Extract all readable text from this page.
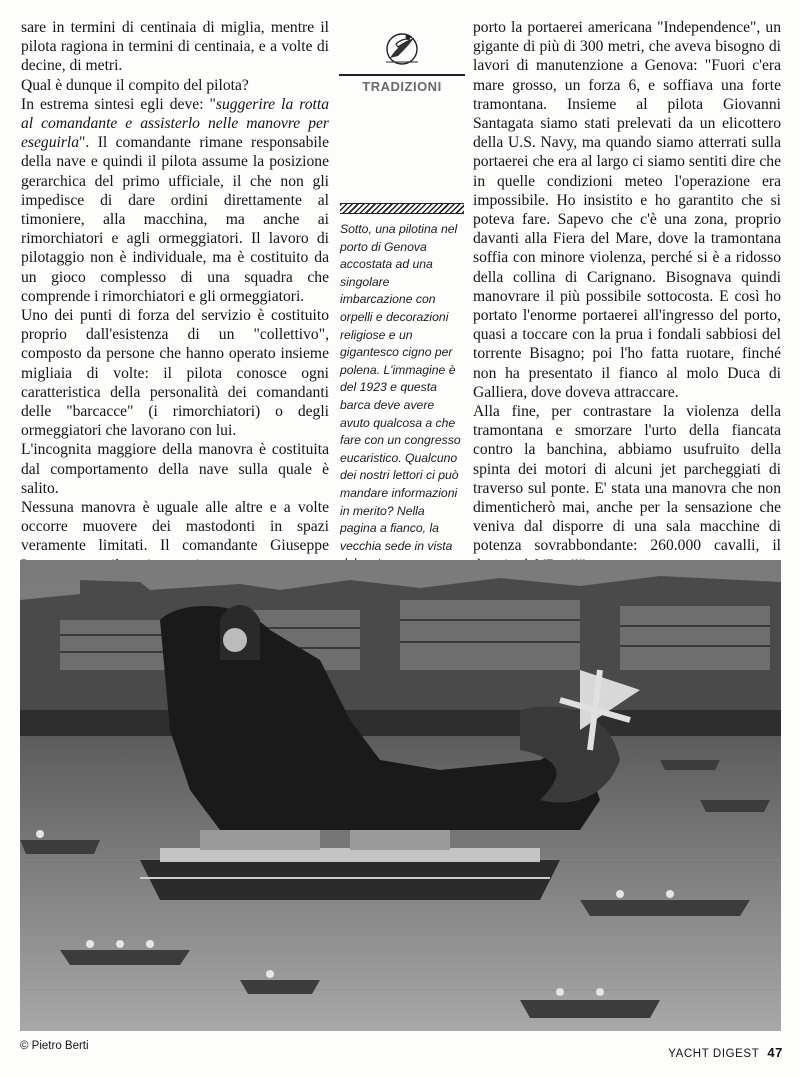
sare in termini di centinaia di miglia, mentre il pilota ragiona in termini di centinaia, e a volte di decine, di metri.

Qual è dunque il compito del pilota?

In estrema sintesi egli deve: "suggerire la rotta al comandante e assisterlo nelle manovre per eseguirla". Il comandante rimane responsabile della nave e quindi il pilota assume la posizione gerarchica del primo ufficiale, il che non gli impedisce di dare ordini direttamente al timoniere, alla macchina, ma anche ai rimorchiatori e agli ormeggiatori. Il lavoro di pilotaggio non è individuale, ma è costituito da un gioco complesso di una squadra che comprende i rimorchiatori e gli ormeggiatori.

Uno dei punti di forza del servizio è costituito proprio dall'esistenza di un "collettivo", composto da persone che hanno operato insieme migliaia di volte: il pilota conosce ogni caratteristica della personalità dei comandanti delle "barcacce" (i rimorchiatori) o degli ormeggiatori che lavorano con lui.

L'incognita maggiore della manovra è costituita dal comportamento della nave sulla quale è salito.

Nessuna manovra è uguale alle altre e a volte occorre muovere dei mastodonti in spazi veramente limitati. Il comandante Giuseppe

TRADIZIONI

Sotto, una pilotina nel porto di Genova accostata ad una singolare imbarcazione con orpelli e decorazioni religiose e un gigantesco cigno per polena. L'immagine è del 1923 e questa barca deve avere avuto qualcosa a che fare con un congresso eucaristico. Qualcuno dei nostri lettori ci può mandare informazioni in merito? Nella pagina a fianco, la vecchia sede in vista

porto la portaerei americana "Independence", un gigante di più di 300 metri, che aveva bisogno di lavori di manutenzione a Genova: "Fuori c'era mare grosso, un forza 6, e soffiava una forte tramontana. Insieme al pilota Giovanni Santagata siamo stati prelevati da un elicottero della U.S. Navy, ma quando siamo atterrati sulla portaerei che era al largo ci siamo sentiti dire che in quelle condizioni meteo l'operazione era impossibile. Ho insistito e ho garantito che si poteva fare. Sapevo che c'è una zona, proprio davanti alla Fiera del Mare, dove la tramontana soffia con minore violenza, perché si è a ridosso della collina di Carignano. Bisognava quindi manovrare il più possibile sottocosta. E così ho portato l'enorme portaerei all'ingresso del porto, quasi a toccare con la prua i fondali sabbiosi del torrente Bisagno; poi l'ho fatta ruotare, finché non ha presentato il fianco al molo Duca di Galliera, dove doveva attraccare.

Alla fine, per contrastare la violenza della tramontana e smorzare l'urto della fiancata contro la banchina, abbiamo usufruito della spinta dei motori di alcuni jet parcheggiati di traverso sul ponte. E' stata una manovra che non dimenticherò mai, anche per la sensazione che veniva dal disporre di una sala macchine di potenza sovrabbondante: 260.000 cavalli, il

© Pietro Berti
YACHT DIGEST 47
